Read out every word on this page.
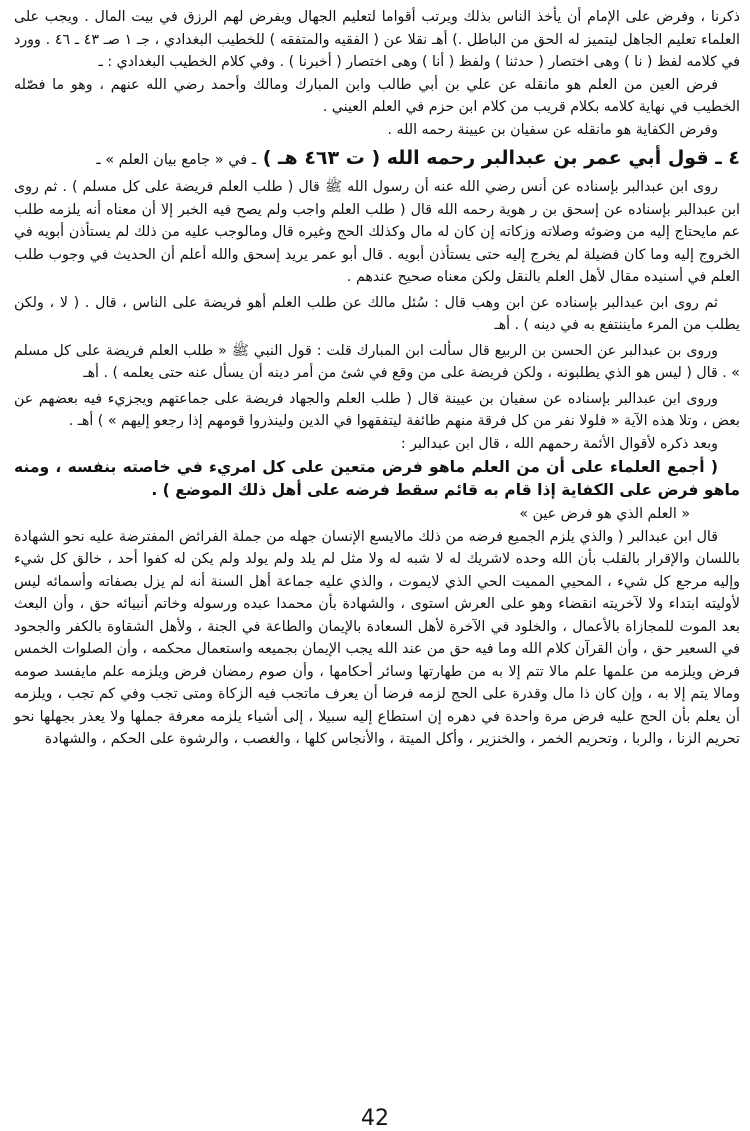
ذكرنا ، وفرض على الإمام أن يأخذ الناس بذلك ويرتب أقواما لتعليم الجهال ويفرض لهم الرزق في بيت المال . ويجب على العلماء تعليم الجاهل ليتميز له الحق من الباطل .) أهـ نقلا عن ( الفقيه والمتفقه ) للخطيب البغدادي ، جـ ١ صـ ٤٣ ـ ٤٦ . وورد في كلامه لفظ ( نا ) وهى اختصار ( حدثنا ) ولفظ ( أنا ) وهى اختصار ( أخبرنا ) . وفي كلام الخطيب البغدادي : ـ

فرض العين من العلم هو مانقله عن علي بن أبي طالب وابن المبارك ومالك وأحمد رضي الله عنهم ، وهو ما فصّله الخطيب في نهاية كلامه بكلام قريب من كلام ابن حزم في العلم العيني .

وفرض الكفاية هو مانقله عن سفيان بن عيينة رحمه الله .

٤ ـ قول أبي عمر بن عبدالبر رحمه الله ( ت ٤٦٣ هـ ) ـ في « جامع بيان العلم » ـ

روى ابن عبدالبر بإسناده عن أنس رضي الله عنه أن رسول الله ﷺ قال ( طلب العلم فريضة على كل مسلم ) . ثم روى ابن عبدالبر بإسناده عن إسحق بن ر هوية رحمه الله قال ( طلب العلم واجب ولم يصح فيه الخبر إلا أن معناه أنه يلزمه طلب عم مايحتاج إليه من وضوئه وصلاته وزكاته إن كان له مال وكذلك الحج وغيره قال ومالوجب عليه من ذلك لم يستأذن أبويه في الخروج إليه وما كان فضيلة لم يخرج إليه حتى يستأذن أبويه . قال أبو عمر يريد إسحق والله أعلم أن الحديث في وجوب طلب العلم في أسنيده مقال لأهل العلم بالنقل ولكن معناه صحيح عندهم .

ثم روى ابن عبدالبر بإسناده عن ابن وهب قال : سُئل مالك عن طلب العلم أهو فريضة على الناس ، قال . ( لا ، ولكن يطلب من المرء مايننتفع به في دينه ) . أهـ

وروى بن عبدالبر عن الحسن بن الربيع قال سألت ابن المبارك قلت : قول النبي ﷺ « طلب العلم فريضة على كل مسلم » . قال ( ليس هو الذي يطلبونه ، ولكن فريضة على من وقع في شئ من أمر دينه أن يسأل عنه حتى يعلمه ) . أهـ

وروى ابن عبدالبر بإسناده عن سفيان بن عيينة قال ( طلب العلم والجهاد فريضة على جماعتهم ويجزيء فيه بعضهم عن بعض ، وتلا هذه الآية « فلولا نفر من كل فرقة منهم طائفة ليتفقهوا في الدين ولينذروا قومهم إذا رجعو إليهم » ) أهـ .

وبعد ذكره لأقوال الأئمة رحمهم الله ، قال ابن عبدالبر :

( أجمع العلماء على أن من العلم ماهو فرض متعين على كل امريء في خاصته بنفسه ، ومنه ماهو فرض على الكفاية إذا قام به قائم سقط فرضه على أهل ذلك الموضع ) .

« العلم الذي هو فرض عين »

قال ابن عبدالبر ( والذي يلزم الجميع فرضه من ذلك مالايسع الإنسان جهله من جملة الفرائض المفترضة عليه نحو الشهادة باللسان والإقرار بالقلب بأن الله وحده لاشريك له لا شبه له ولا مثل لم يلد ولم يولد ولم يكن له كفوا أحد ، خالق كل شيء وإليه مرجع كل شيء ، المحيي المميت الحي الذي لايموت ، والذي عليه جماعة أهل السنة أنه لم يزل بصفاته وأسمائه ليس لأوليته ابتداء ولا لآخريته انقضاء وهو على العرش استوى ، والشهادة بأن محمدا عبده ورسوله وخاتم أنبيائه حق ، وأن البعث بعد الموت للمجازاة بالأعمال ، والخلود في الآخرة لأهل السعادة بالإيمان والطاعة في الجنة ، ولأهل الشقاوة بالكفر والجحود في السعير حق ، وأن القرآن كلام الله وما فيه حق من عند الله يجب الإيمان بجميعه واستعمال محكمه ، وأن الصلوات الخمس فرض ويلزمه من علمها علم مالا تتم إلا به من طهارتها وسائر أحكامها ، وأن صوم رمضان فرض ويلزمه علم مايفسد صومه ومالا يتم إلا به ، وإن كان ذا مال وقدرة على الحج لزمه فرضا أن يعرف ماتجب فيه الزكاة ومتى تجب وفي كم تجب ، ويلزمه أن يعلم بأن الحج عليه فرض مرة واحدة في دهره إن استطاع إليه سبيلا ، إلى أشياء يلزمه معرفة جملها ولا يعذر بجهلها نحو تحريم الزنا ، والربا ، وتحريم الخمر ، والخنزير ، وأكل الميتة ، والأنجاس كلها ، والغصب ، والرشوة على الحكم ، والشهادة

42
